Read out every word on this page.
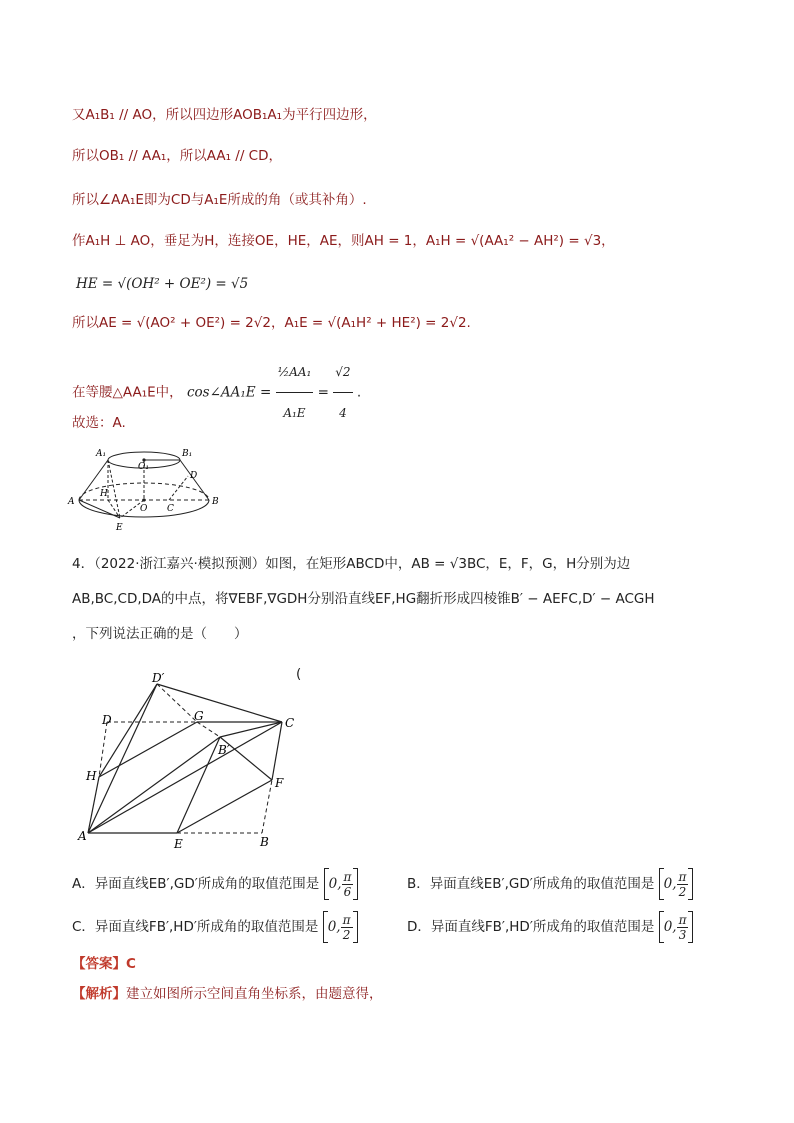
又A₁B₁ // AO，所以四边形AOB₁A₁为平行四边形，
所以OB₁ // AA₁，所以AA₁ // CD，
所以∠AA₁E即为CD与A₁E所成的角（或其补角）.
作A₁H ⊥ AO，垂足为H，连接OE，HE，AE，则AH = 1，A₁H = √(AA₁² − AH²) = √3，
HE = √(OH² + OE²) = √5
所以AE = √(AO² + OE²) = 2√2，A₁E = √(A₁H² + HE²) = 2√2.
在等腰△AA₁E中， cos∠AA₁E = $\frac{\text{½AA₁}}{\text{A₁E}} = \frac{√2}{4}$ .
故选：A.
A₁	B₁
O₁
D
A
H
O C
B
E
4．（2022·浙江嘉兴·模拟预测）如图，在矩形ABCD中，AB = √3BC，E，F，G，H分别为边
AB,BC,CD,DA的中点，将∇EBF,∇GDH分别沿直线EF,HG翻折形成四棱锥B′ − AEFC,D′ − ACGH
，下列说法正确的是（　　）
(
D′
D	G	C
B′
H	F
A
E	B
A．异面直线EB′,GD′所成角的取值范围是 0, $\frac{\pi}{6}$	B．异面直线EB′,GD′所成角的取值范围是 0, $\frac{\pi}{2}$
C．异面直线FB′,HD′所成角的取值范围是 0, $\frac{\pi}{2}$	D．异面直线FB′,HD′所成角的取值范围是 0, $\frac{\pi}{3}$
【答案】C
【解析】建立如图所示空间直角坐标系，由题意得，
